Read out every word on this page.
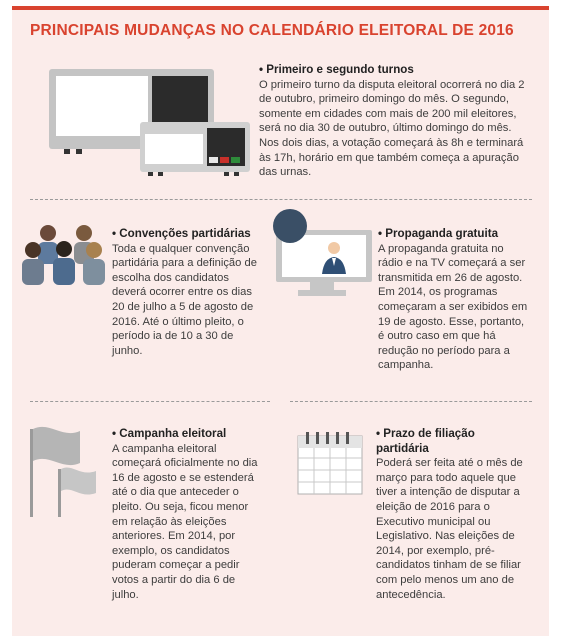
PRINCIPAIS MUDANÇAS NO CALENDÁRIO ELEITORAL DE 2016
• Primeiro e segundo turnos

O primeiro turno da disputa eleitoral ocorrerá no dia 2 de outubro, primeiro domingo do mês. O segundo, somente em cidades com mais de 200 mil eleitores, será no dia 30 de outubro, último domingo do mês. Nos dois dias, a votação começará às 8h e terminará às 17h, horário em que também começa a apuração das urnas.

• Convenções partidárias

Toda e qualquer convenção partidária para a definição de escolha dos candidatos deverá ocorrer entre os dias 20 de julho a 5 de agosto de 2016. Até o último pleito, o período ia de 10 a 30 de junho.

• Propaganda gratuita

A propaganda gratuita no rádio e na TV começará a ser transmitida em 26 de agosto. Em 2014, os programas começaram a ser exibidos em 19 de agosto. Esse, portanto, é outro caso em que há redução no período para a campanha.

• Campanha eleitoral

A campanha eleitoral começará oficialmente no dia 16 de agosto e se estenderá até o dia que anteceder o pleito. Ou seja, ficou menor em relação às eleições anteriores. Em 2014, por exemplo, os candidatos puderam começar a pedir votos a partir do dia 6 de julho.

• Prazo de filiação partidária

Poderá ser feita até o mês de março para todo aquele que tiver a intenção de disputar a eleição de 2016 para o Executivo municipal ou Legislativo. Nas eleições de 2014, por exemplo, pré-candidatos tinham de se filiar com pelo menos um ano de antecedência.
